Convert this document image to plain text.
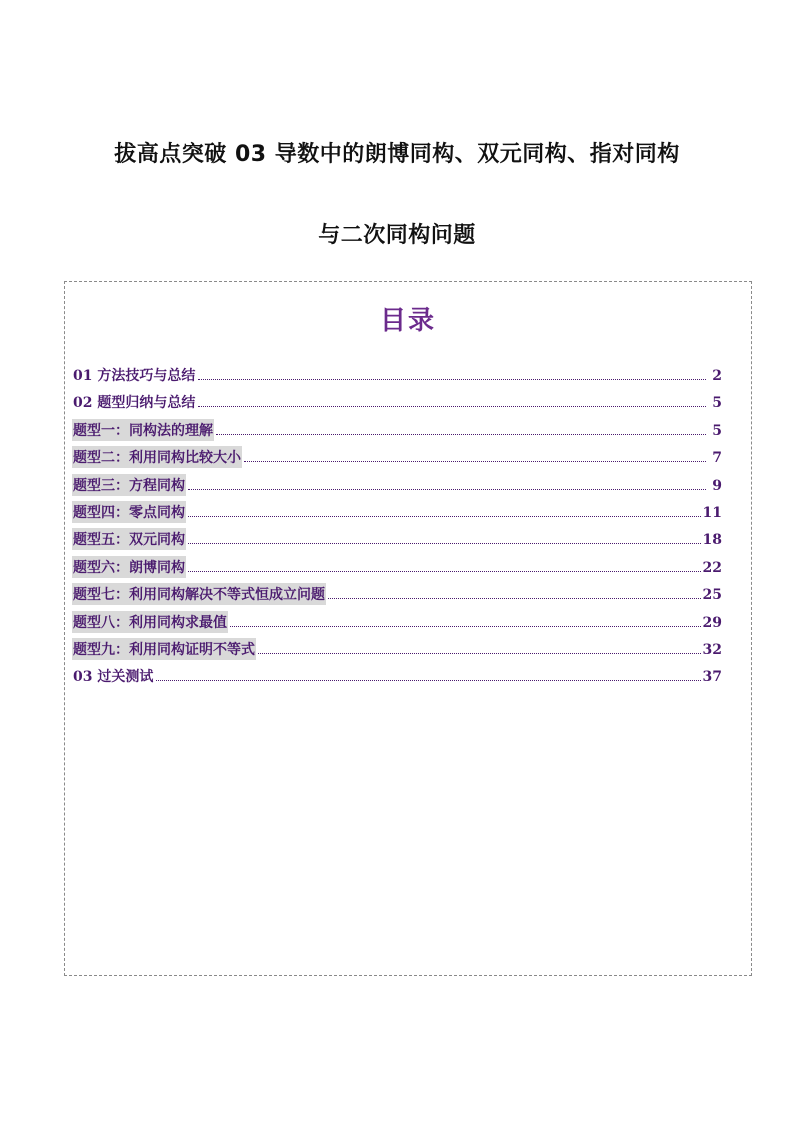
拔高点突破 03 导数中的朗博同构、双元同构、指对同构
与二次同构问题
目录
01 方法技巧与总结	2
02 题型归纳与总结	5
题型一：同构法的理解	5
题型二：利用同构比较大小	7
题型三：方程同构	9
题型四：零点同构	11
题型五：双元同构	18
题型六：朗博同构	22
题型七：利用同构解决不等式恒成立问题	25
题型八：利用同构求最值	29
题型九：利用同构证明不等式	32
03 过关测试	37
